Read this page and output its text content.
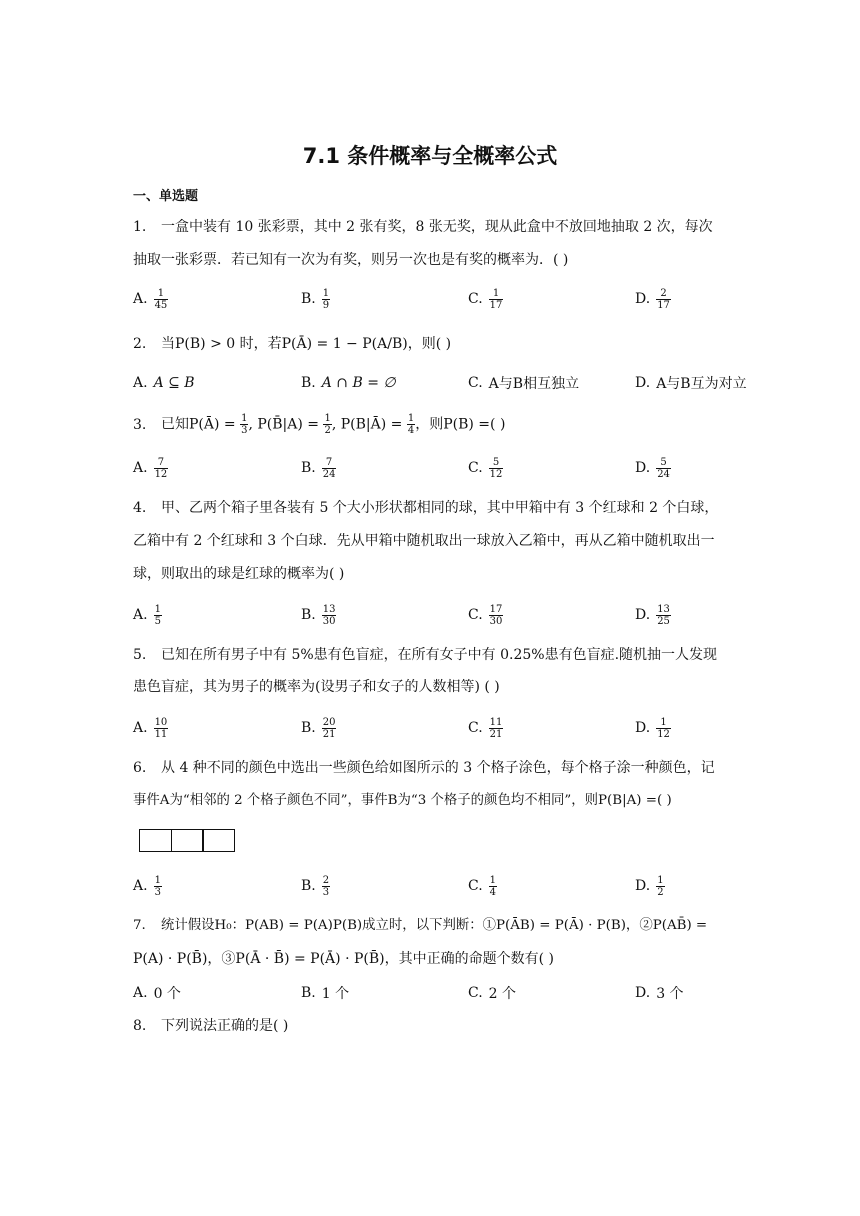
7.1 条件概率与全概率公式
一、单选题
1. 一盒中装有 10 张彩票，其中 2 张有奖，8 张无奖，现从此盒中不放回地抽取 2 次，每次
抽取一张彩票．若已知有一次为有奖，则另一次也是有奖的概率为．( )
A. $\frac{1}{45}$	B. $\frac{1}{9}$	C. $\frac{1}{17}$	D. $\frac{2}{17}$
2. 当P(B) > 0 时，若P(Ā) = 1 − P(A/B)，则( )
A. A ⊆ B	B. A ∩ B = ∅	C. A与B相互独立	D. A与B互为对立
3. 已知P(Ā) = $\frac{1}{3}$ , P(B̄|A) = $\frac{1}{2}$ , P(B|Ā) = $\frac{1}{4}$ ，则P(B) =( )
A. $\frac{7}{12}$	B. $\frac{7}{24}$	C. $\frac{5}{12}$	D. $\frac{5}{24}$
4. 甲、乙两个箱子里各装有 5 个大小形状都相同的球，其中甲箱中有 3 个红球和 2 个白球，
乙箱中有 2 个红球和 3 个白球．先从甲箱中随机取出一球放入乙箱中，再从乙箱中随机取出一
球，则取出的球是红球的概率为( )
A. $\frac{1}{5}$	B. $\frac{13}{30}$	C. $\frac{17}{30}$	D. $\frac{13}{25}$
5. 已知在所有男子中有 5%患有色盲症，在所有女子中有 0.25%患有色盲症.随机抽一人发现
患色盲症，其为男子的概率为(设男子和女子的人数相等) ( )
A. $\frac{10}{11}$	B. $\frac{20}{21}$	C. $\frac{11}{21}$	D. $\frac{1}{12}$
6. 从 4 种不同的颜色中选出一些颜色给如图所示的 3 个格子涂色，每个格子涂一种颜色，记
事件A为“相邻的 2 个格子颜色不同”，事件B为“3 个格子的颜色均不相同”，则P(B|A) =( )
A. $\frac{1}{3}$	B. $\frac{2}{3}$	C. $\frac{1}{4}$	D. $\frac{1}{2}$
7. 统计假设H₀：P(AB) = P(A)P(B)成立时，以下判断：①P(ĀB) = P(Ā) · P(B)，②P(AB̄) =
P(A) · P(B̄)，③P(Ā · B̄) = P(Ā) · P(B̄)，其中正确的命题个数有( )
A. 0 个	B. 1 个	C. 2 个	D. 3 个
8. 下列说法正确的是( )
